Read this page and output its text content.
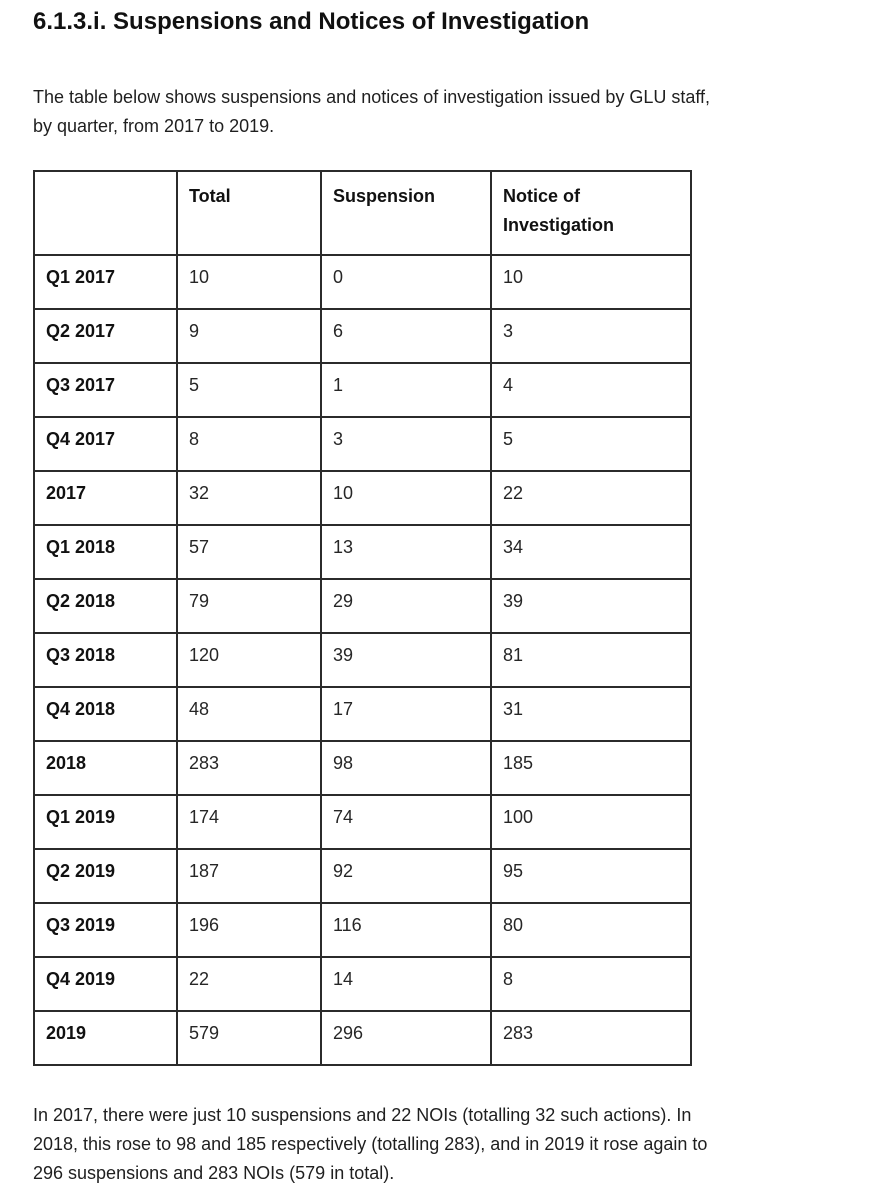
6.1.3.i. Suspensions and Notices of Investigation
The table below shows suspensions and notices of investigation issued by GLU staff,
by quarter, from 2017 to 2019.
	Total	Suspension	Notice of Investigation
Q1 2017	10	0	10
Q2 2017	9	6	3
Q3 2017	5	1	4
Q4 2017	8	3	5
2017	32	10	22
Q1 2018	57	13	34
Q2 2018	79	29	39
Q3 2018	120	39	81
Q4 2018	48	17	31
2018	283	98	185
Q1 2019	174	74	100
Q2 2019	187	92	95
Q3 2019	196	116	80
Q4 2019	22	14	8
2019	579	296	283
In 2017, there were just 10 suspensions and 22 NOIs (totalling 32 such actions). In
2018, this rose to 98 and 185 respectively (totalling 283), and in 2019 it rose again to
296 suspensions and 283 NOIs (579 in total).
